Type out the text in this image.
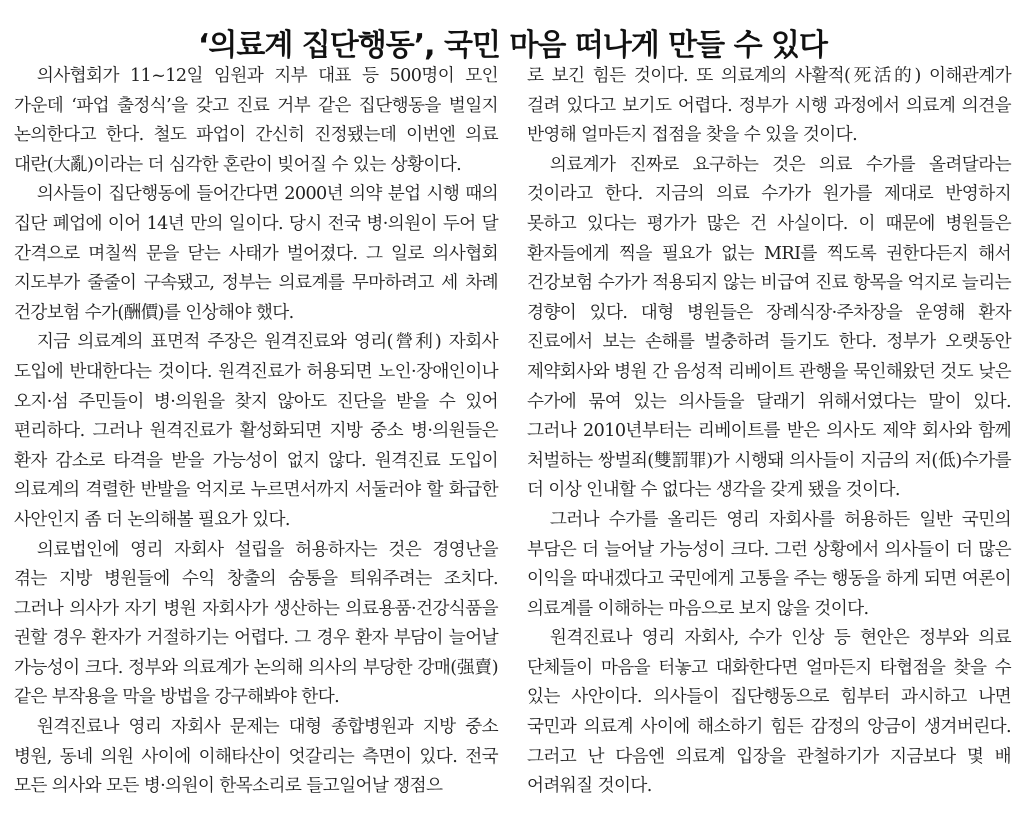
‘의료계 집단행동’, 국민 마음 떠나게 만들 수 있다

의사협회가 11~12일 임원과 지부 대표 등 500명이 모인 가운데 ‘파업 출정식’을 갖고 진료 거부 같은 집단행동을 벌일지 논의한다고 한다. 철도 파업이 간신히 진정됐는데 이번엔 의료 대란(大亂)이라는 더 심각한 혼란이 빚어질 수 있는 상황이다.

의사들이 집단행동에 들어간다면 2000년 의약 분업 시행 때의 집단 폐업에 이어 14년 만의 일이다. 당시 전국 병·의원이 두어 달 간격으로 며칠씩 문을 닫는 사태가 벌어졌다. 그 일로 의사협회 지도부가 줄줄이 구속됐고, 정부는 의료계를 무마하려고 세 차례 건강보험 수가(酬價)를 인상해야 했다.

지금 의료계의 표면적 주장은 원격진료와 영리(營利) 자회사 도입에 반대한다는 것이다. 원격진료가 허용되면 노인·장애인이나 오지·섬 주민들이 병·의원을 찾지 않아도 진단을 받을 수 있어 편리하다. 그러나 원격진료가 활성화되면 지방 중소 병·의원들은 환자 감소로 타격을 받을 가능성이 없지 않다. 원격진료 도입이 의료계의 격렬한 반발을 억지로 누르면서까지 서둘러야 할 화급한 사안인지 좀 더 논의해볼 필요가 있다.

의료법인에 영리 자회사 설립을 허용하자는 것은 경영난을 겪는 지방 병원들에 수익 창출의 숨통을 틔워주려는 조치다. 그러나 의사가 자기 병원 자회사가 생산하는 의료용품·건강식품을 권할 경우 환자가 거절하기는 어렵다. 그 경우 환자 부담이 늘어날 가능성이 크다. 정부와 의료계가 논의해 의사의 부당한 강매(强賣) 같은 부작용을 막을 방법을 강구해봐야 한다.

원격진료나 영리 자회사 문제는 대형 종합병원과 지방 중소 병원, 동네 의원 사이에 이해타산이 엇갈리는 측면이 있다. 전국 모든 의사와 모든 병·의원이 한목소리로 들고일어날 쟁점으

로 보긴 힘든 것이다. 또 의료계의 사활적(死活的) 이해관계가 걸려 있다고 보기도 어렵다. 정부가 시행 과정에서 의료계 의견을 반영해 얼마든지 접점을 찾을 수 있을 것이다.

의료계가 진짜로 요구하는 것은 의료 수가를 올려달라는 것이라고 한다. 지금의 의료 수가가 원가를 제대로 반영하지 못하고 있다는 평가가 많은 건 사실이다. 이 때문에 병원들은 환자들에게 찍을 필요가 없는 MRI를 찍도록 권한다든지 해서 건강보험 수가가 적용되지 않는 비급여 진료 항목을 억지로 늘리는 경향이 있다. 대형 병원들은 장례식장·주차장을 운영해 환자 진료에서 보는 손해를 벌충하려 들기도 한다. 정부가 오랫동안 제약회사와 병원 간 음성적 리베이트 관행을 묵인해왔던 것도 낮은 수가에 묶여 있는 의사들을 달래기 위해서였다는 말이 있다. 그러나 2010년부터는 리베이트를 받은 의사도 제약 회사와 함께 처벌하는 쌍벌죄(雙罰罪)가 시행돼 의사들이 지금의 저(低)수가를 더 이상 인내할 수 없다는 생각을 갖게 됐을 것이다.

그러나 수가를 올리든 영리 자회사를 허용하든 일반 국민의 부담은 더 늘어날 가능성이 크다. 그런 상황에서 의사들이 더 많은 이익을 따내겠다고 국민에게 고통을 주는 행동을 하게 되면 여론이 의료계를 이해하는 마음으로 보지 않을 것이다.

원격진료나 영리 자회사, 수가 인상 등 현안은 정부와 의료 단체들이 마음을 터놓고 대화한다면 얼마든지 타협점을 찾을 수 있는 사안이다. 의사들이 집단행동으로 힘부터 과시하고 나면 국민과 의료계 사이에 해소하기 힘든 감정의 앙금이 생겨버린다. 그러고 난 다음엔 의료계 입장을 관철하기가 지금보다 몇 배 어려워질 것이다.
